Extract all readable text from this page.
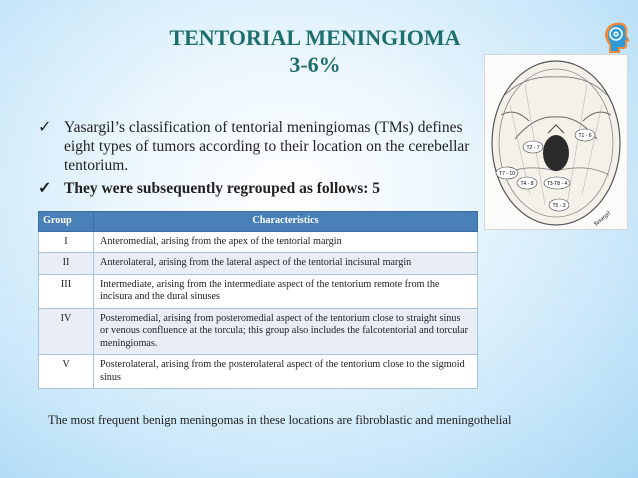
TENTORIAL MENINGIOMA
3-6%
T1 - 6
T2 - 7
T7 - 10
T4 - 8	T3-T8 - 4
T5 - 3
Yasargil
✓ Yasargil’s classification of tentorial meningiomas (TMs) defines eight types of tumors according to their location on the cerebellar tentorium.
✓ They were subsequently regrouped as follows: 5
Group	Characteristics
I	Anteromedial, arising from the apex of the tentorial margin
II	Anterolateral, arising from the lateral aspect of the tentorial incisural margin
III	Intermediate, arising from the intermediate aspect of the tentorium remote from the incisura and the dural sinuses
IV	Posteromedial, arising from posteromedial aspect of the tentorium close to straight sinus or venous confluence at the torcula; this group also includes the falcotentorial and torcular meningiomas.
V	Posterolateral, arising from the posterolateral aspect of the tentorium close to the sigmoid sinus
The most frequent benign meningomas in these locations are fibroblastic and meningothelial
